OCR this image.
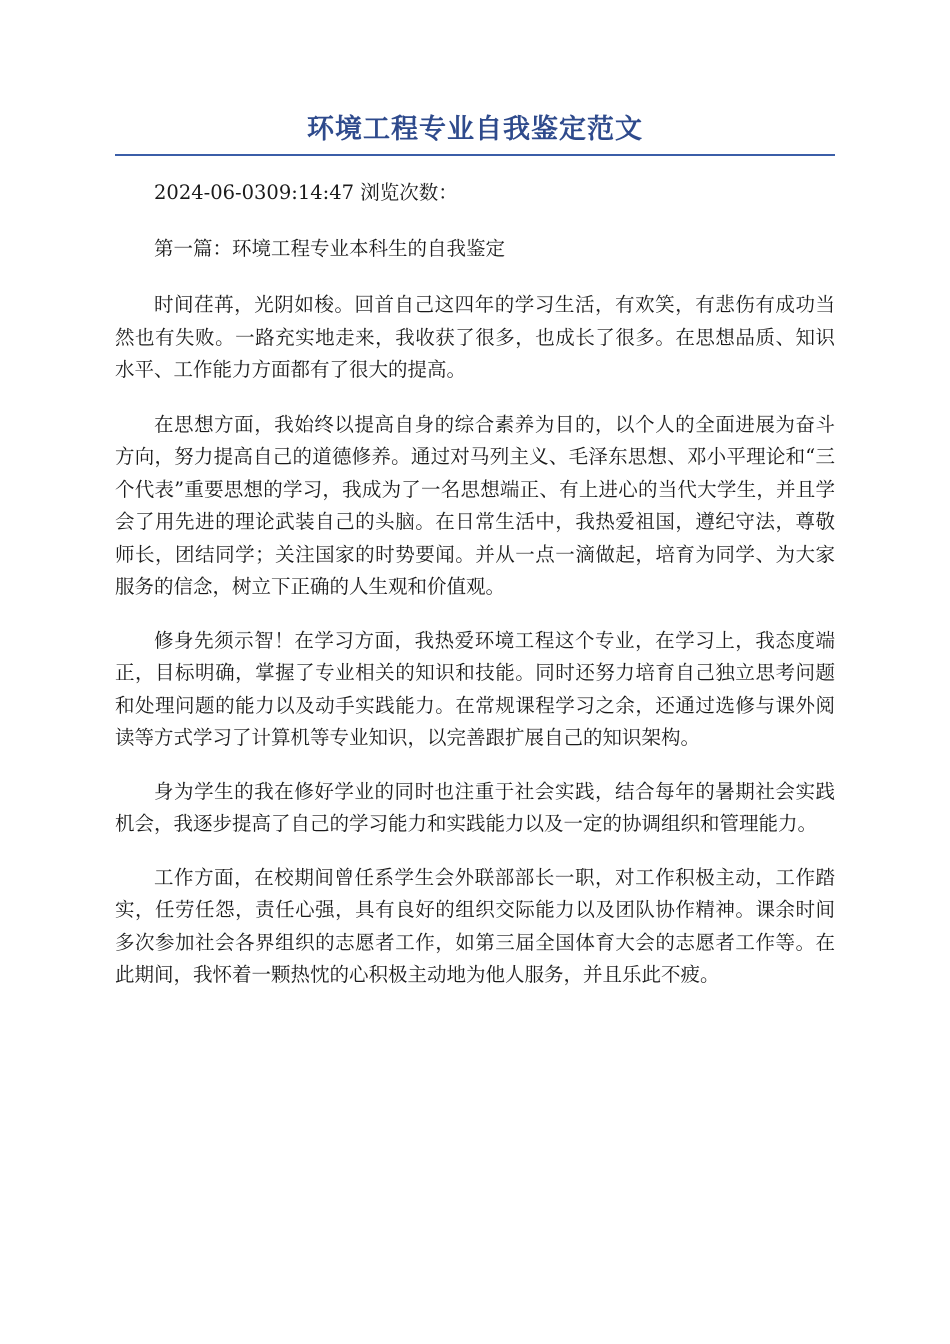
环境工程专业自我鉴定范文

2024-06-0309:14:47 浏览次数：

第一篇：环境工程专业本科生的自我鉴定

时间荏苒，光阴如梭。回首自己这四年的学习生活，有欢笑，有悲伤有成功当然也有失败。一路充实地走来，我收获了很多，也成长了很多。在思想品质、知识水平、工作能力方面都有了很大的提高。

在思想方面，我始终以提高自身的综合素养为目的，以个人的全面进展为奋斗方向，努力提高自己的道德修养。通过对马列主义、毛泽东思想、邓小平理论和“三个代表”重要思想的学习，我成为了一名思想端正、有上进心的当代大学生，并且学会了用先进的理论武装自己的头脑。在日常生活中，我热爱祖国，遵纪守法，尊敬师长，团结同学；关注国家的时势要闻。并从一点一滴做起，培育为同学、为大家服务的信念，树立下正确的人生观和价值观。

修身先须示智！在学习方面，我热爱环境工程这个专业，在学习上，我态度端正，目标明确，掌握了专业相关的知识和技能。同时还努力培育自己独立思考问题和处理问题的能力以及动手实践能力。在常规课程学习之余，还通过选修与课外阅读等方式学习了计算机等专业知识，以完善跟扩展自己的知识架构。

身为学生的我在修好学业的同时也注重于社会实践，结合每年的暑期社会实践机会，我逐步提高了自己的学习能力和实践能力以及一定的协调组织和管理能力。

工作方面，在校期间曾任系学生会外联部部长一职，对工作积极主动，工作踏实，任劳任怨，责任心强，具有良好的组织交际能力以及团队协作精神。课余时间多次参加社会各界组织的志愿者工作，如第三届全国体育大会的志愿者工作等。在此期间，我怀着一颗热忱的心积极主动地为他人服务，并且乐此不疲。
